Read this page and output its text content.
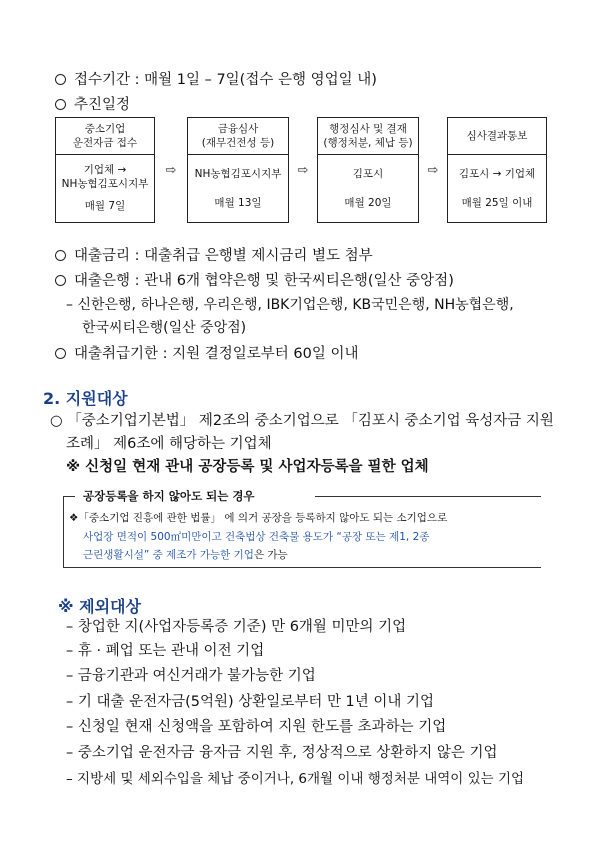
접수기간 : 매월 1일 – 7일(접수 은행 영업일 내)
추진일정
중소기업
운전자금 접수
기업체 →
NH농협김포시지부
매월 7일
⇨
금융심사
(재무건전성 등)
NH농협김포시지부
매월 13일
⇨
행정심사 및 결재
(행정처분, 체납 등)
김포시
매월 20일
⇨
심사결과통보
김포시 → 기업체
매월 25일 이내
대출금리 : 대출취급 은행별 제시금리 별도 첨부
대출은행 : 관내 6개 협약은행 및 한국씨티은행(일산 중앙점)
– 신한은행, 하나은행, 우리은행, IBK기업은행, KB국민은행, NH농협은행,
한국씨티은행(일산 중앙점)
대출취급기한 : 지원 결정일로부터 60일 이내
2. 지원대상
○ 「중소기업기본법」 제2조의 중소기업으로 「김포시 중소기업 육성자금 지원
조례」 제6조에 해당하는 기업체
※ 신청일 현재 관내 공장등록 및 사업자등록을 필한 업체
공장등록을 하지 않아도 되는 경우
❖「중소기업 진흥에 관한 법률」 에 의거 공장을 등록하지 않아도 되는 소기업으로
사업장 면적이 500㎡미만이고 건축법상 건축물 용도가 “공장 또는 제1, 2종
근린생활시설” 중 제조가 가능한 기업은 가능
※ 제외대상
– 창업한 지(사업자등록증 기준) 만 6개월 미만의 기업
– 휴 · 폐업 또는 관내 이전 기업
– 금융기관과 여신거래가 불가능한 기업
– 기 대출 운전자금(5억원) 상환일로부터 만 1년 이내 기업
– 신청일 현재 신청액을 포함하여 지원 한도를 초과하는 기업
– 중소기업 운전자금 융자금 지원 후, 정상적으로 상환하지 않은 기업
– 지방세 및 세외수입을 체납 중이거나, 6개월 이내 행정처분 내역이 있는 기업
